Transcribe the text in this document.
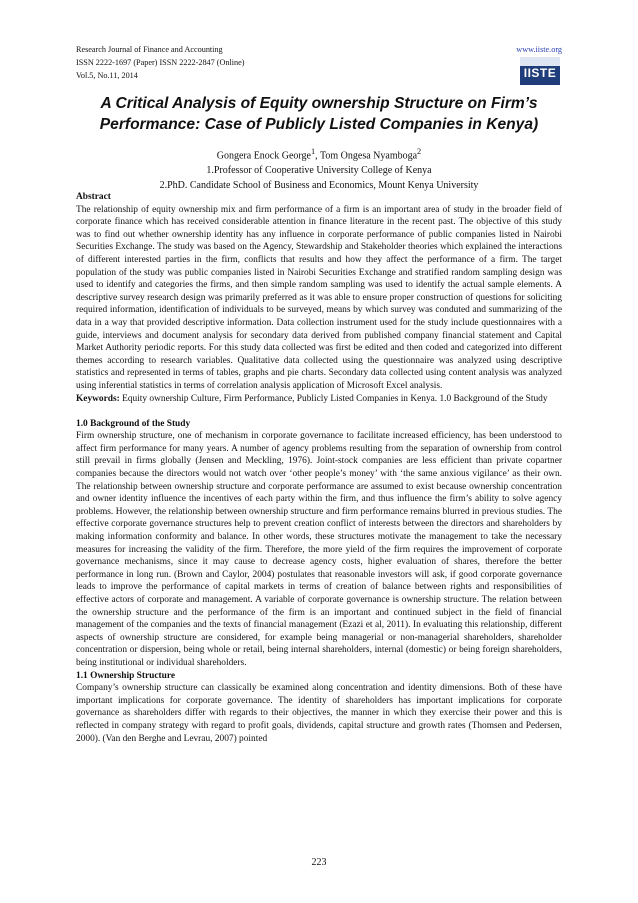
Research Journal of Finance and Accounting
ISSN 2222-1697 (Paper) ISSN 2222-2847 (Online)
Vol.5, No.11, 2014
www.iiste.org
IISTE
A Critical Analysis of Equity ownership Structure on Firm’s
Performance: Case of Publicly Listed Companies in Kenya)
Gongera Enock George$^1$, Tom Ongesa Nyamboga$^2$
1.Professor of Cooperative University College of Kenya
2.PhD. Candidate School of Business and Economics, Mount Kenya University

Abstract

The relationship of equity ownership mix and firm performance of a firm is an important area of study in the broader field of corporate finance which has received considerable attention in finance literature in the recent past. The objective of this study was to find out whether ownership identity has any influence in corporate performance of public companies listed in Nairobi Securities Exchange. The study was based on the Agency, Stewardship and Stakeholder theories which explained the interactions of different interested parties in the firm, conflicts that results and how they affect the performance of a firm. The target population of the study was public companies listed in Nairobi Securities Exchange and stratified random sampling design was used to identify and categories the firms, and then simple random sampling was used to identify the actual sample elements. A descriptive survey research design was primarily preferred as it was able to ensure proper construction of questions for soliciting required information, identification of individuals to be surveyed, means by which survey was conduted and summarizing of the data in a way that provided descriptive information. Data collection instrument used for the study include questionnaires with a guide, interviews and document analysis for secondary data derived from published company financial statement and Capital Market Authority periodic reports. For this study data collected was first be edited and then coded and categorized into different themes according to research variables. Qualitative data collected using the questionnaire was analyzed using descriptive statistics and represented in terms of tables, graphs and pie charts. Secondary data collected using content analysis was analyzed using inferential statistics in terms of correlation analysis application of Microsoft Excel analysis.

Keywords: Equity ownership Culture, Firm Performance, Publicly Listed Companies in Kenya. 1.0 Background of the Study

1.0 Background of the Study

Firm ownership structure, one of mechanism in corporate governance to facilitate increased efficiency, has been understood to affect firm performance for many years. A number of agency problems resulting from the separation of ownership from control still prevail in firms globally (Jensen and Meckling, 1976). Joint-stock companies are less efficient than private copartner companies because the directors would not watch over ‘other people’s money’ with ‘the same anxious vigilance’ as their own. The relationship between ownership structure and corporate performance are assumed to exist because ownership concentration and owner identity influence the incentives of each party within the firm, and thus influence the firm’s ability to solve agency problems. However, the relationship between ownership structure and firm performance remains blurred in previous studies. The effective corporate governance structures help to prevent creation conflict of interests between the directors and shareholders by making information conformity and balance. In other words, these structures motivate the management to take the necessary measures for increasing the validity of the firm. Therefore, the more yield of the firm requires the improvement of corporate governance mechanisms, since it may cause to decrease agency costs, higher evaluation of shares, therefore the better performance in long run. (Brown and Caylor, 2004) postulates that reasonable investors will ask, if good corporate governance leads to improve the performance of capital markets in terms of creation of balance between rights and responsibilities of effective actors of corporate and management. A variable of corporate governance is ownership structure. The relation between the ownership structure and the performance of the firm is an important and continued subject in the field of financial management of the companies and the texts of financial management (Ezazi et al, 2011). In evaluating this relationship, different aspects of ownership structure are considered, for example being managerial or non-managerial shareholders, shareholder concentration or dispersion, being whole or retail, being internal shareholders, internal (domestic) or being foreign shareholders, being institutional or individual shareholders.

1.1 Ownership Structure

Company’s ownership structure can classically be examined along concentration and identity dimensions. Both of these have important implications for corporate governance. The identity of shareholders has important implications for corporate governance as shareholders differ with regards to their objectives, the manner in which they exercise their power and this is reflected in company strategy with regard to profit goals, dividends, capital structure and growth rates (Thomsen and Pedersen, 2000). (Van den Berghe and Levrau, 2007) pointed

223
